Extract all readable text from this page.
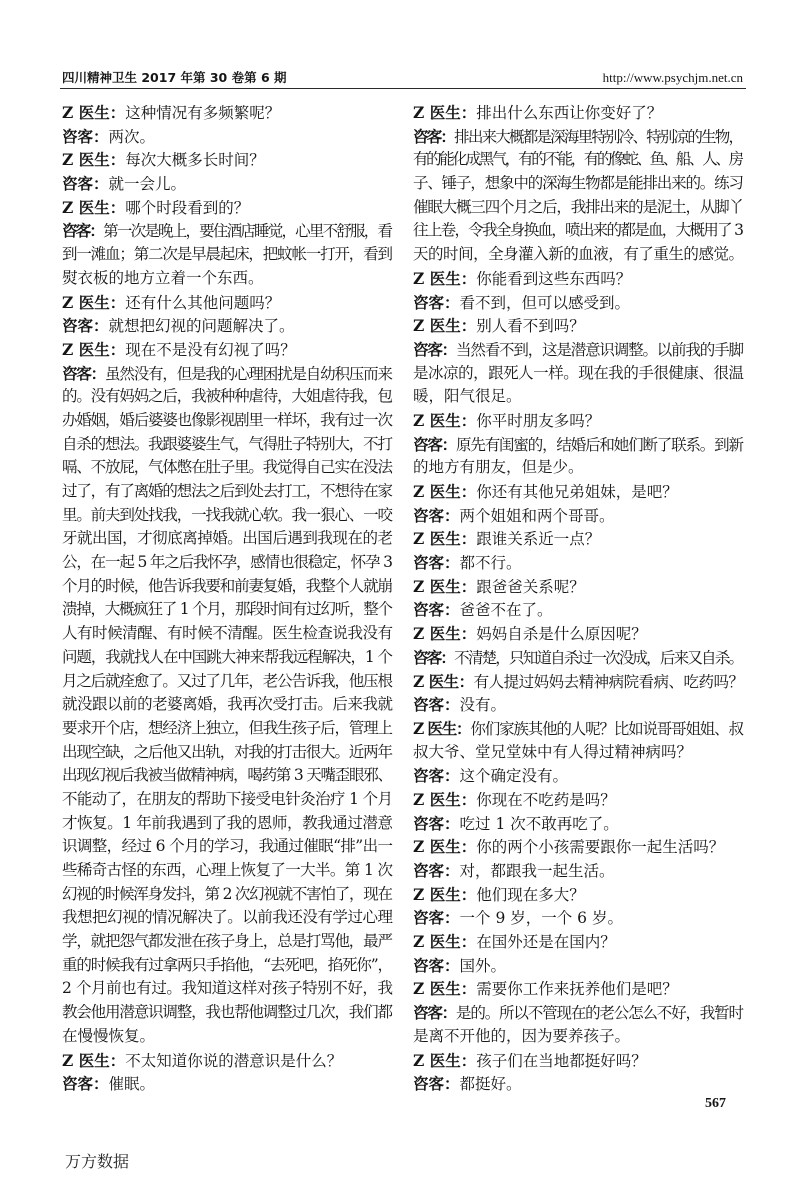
四川精神卫生 2017 年第 30 卷第 6 期	http://www.psychjm.net.cn
Z 医生：这种情况有多频繁呢？
咨客：两次。
Z 医生：每次大概多长时间？
咨客：就一会儿。
Z 医生：哪个时段看到的？
咨客：第一次是晚上，要住酒店睡觉，心里不舒服，看
到一滩血；第二次是早晨起床，把蚊帐一打开，看到
熨衣板的地方立着一个东西。
Z 医生：还有什么其他问题吗？
咨客：就想把幻视的问题解决了。
Z 医生：现在不是没有幻视了吗？
咨客：虽然没有，但是我的心理困扰是自幼积压而来
的。没有妈妈之后，我被种种虐待，大姐虐待我，包
办婚姻，婚后婆婆也像影视剧里一样坏，我有过一次
自杀的想法。我跟婆婆生气，气得肚子特别大，不打
嗝、不放屁，气体憋在肚子里。我觉得自己实在没法
过了，有了离婚的想法之后到处去打工，不想待在家
里。前夫到处找我，一找我就心软。我一狠心、一咬
牙就出国，才彻底离掉婚。出国后遇到我现在的老
公，在一起 5 年之后我怀孕，感情也很稳定，怀孕 3
个月的时候，他告诉我要和前妻复婚，我整个人就崩
溃掉，大概疯狂了 1 个月，那段时间有过幻听，整个
人有时候清醒、有时候不清醒。医生检查说我没有
问题，我就找人在中国跳大神来帮我远程解决，1 个
月之后就痊愈了。又过了几年，老公告诉我，他压根
就没跟以前的老婆离婚，我再次受打击。后来我就
要求开个店，想经济上独立，但我生孩子后，管理上
出现空缺，之后他又出轨，对我的打击很大。近两年
出现幻视后我被当做精神病，喝药第 3 天嘴歪眼邪、
不能动了，在朋友的帮助下接受电针灸治疗 1 个月
才恢复。1 年前我遇到了我的恩师，教我通过潜意
识调整，经过 6 个月的学习，我通过催眠“排”出一
些稀奇古怪的东西，心理上恢复了一大半。第 1 次
幻视的时候浑身发抖，第 2 次幻视就不害怕了，现在
我想把幻视的情况解决了。以前我还没有学过心理
学，就把怨气都发泄在孩子身上，总是打骂他，最严
重的时候我有过拿两只手掐他，“去死吧，掐死你”，
2 个月前也有过。我知道这样对孩子特别不好，我
教会他用潜意识调整，我也帮他调整过几次，我们都
在慢慢恢复。
Z 医生：不太知道你说的潜意识是什么？
咨客：催眠。
Z 医生：排出什么东西让你变好了？
咨客：排出来大概都是深海里特别冷、特别凉的生物，
有的能化成黑气，有的不能，有的像蛇、鱼、船、人、房
子、锤子，想象中的深海生物都是能排出来的。练习
催眠大概三四个月之后，我排出来的是泥土，从脚丫
往上卷，令我全身换血，喷出来的都是血，大概用了 3
天的时间，全身灌入新的血液，有了重生的感觉。
Z 医生：你能看到这些东西吗？
咨客：看不到，但可以感受到。
Z 医生：别人看不到吗？
咨客：当然看不到，这是潜意识调整。以前我的手脚
是冰凉的，跟死人一样。现在我的手很健康、很温
暖，阳气很足。
Z 医生：你平时朋友多吗？
咨客：原先有闺蜜的，结婚后和她们断了联系。到新
的地方有朋友，但是少。
Z 医生：你还有其他兄弟姐妹，是吧？
咨客：两个姐姐和两个哥哥。
Z 医生：跟谁关系近一点？
咨客：都不行。
Z 医生：跟爸爸关系呢？
咨客：爸爸不在了。
Z 医生：妈妈自杀是什么原因呢？
咨客：不清楚，只知道自杀过一次没成，后来又自杀。
Z 医生：有人提过妈妈去精神病院看病、吃药吗？
咨客：没有。
Z 医生：你们家族其他的人呢？比如说哥哥姐姐、叔
叔大爷、堂兄堂妹中有人得过精神病吗？
咨客：这个确定没有。
Z 医生：你现在不吃药是吗？
咨客：吃过 1 次不敢再吃了。
Z 医生：你的两个小孩需要跟你一起生活吗？
咨客：对，都跟我一起生活。
Z 医生：他们现在多大？
咨客：一个 9 岁，一个 6 岁。
Z 医生：在国外还是在国内？
咨客：国外。
Z 医生：需要你工作来抚养他们是吧？
咨客：是的。所以不管现在的老公怎么不好，我暂时
是离不开他的，因为要养孩子。
Z 医生：孩子们在当地都挺好吗？
咨客：都挺好。
567
万方数据
